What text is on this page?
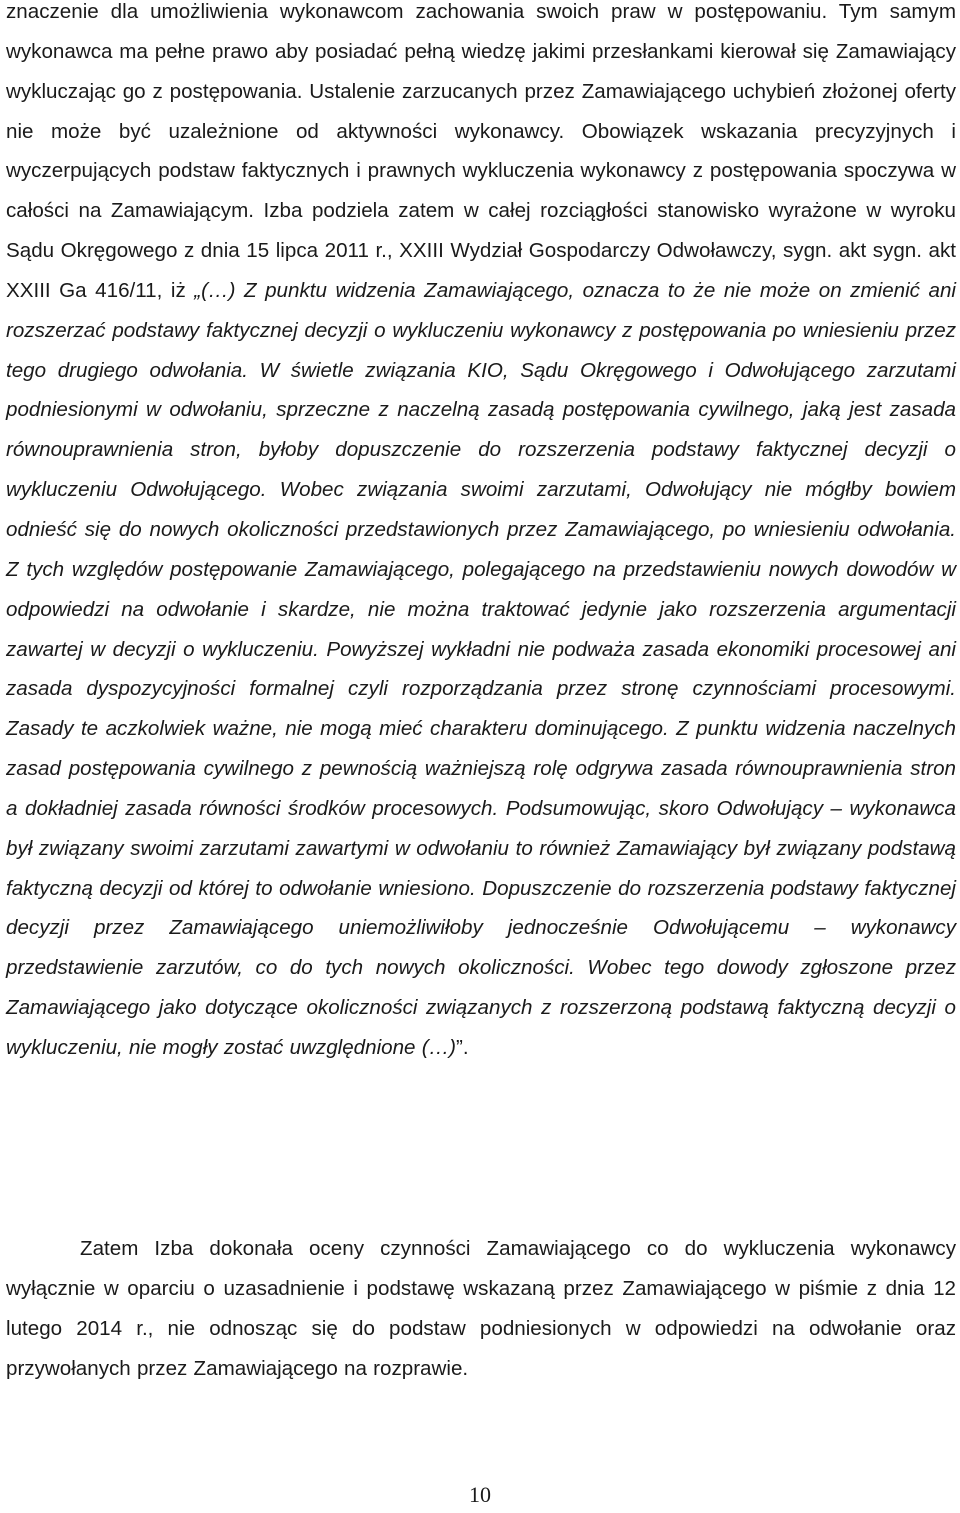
znaczenie dla umożliwienia wykonawcom zachowania swoich praw w postępowaniu. Tym samym wykonawca ma pełne prawo aby posiadać pełną wiedzę jakimi przesłankami kierował się Zamawiający wykluczając go z postępowania. Ustalenie zarzucanych przez Zamawiającego uchybień złożonej oferty nie może być uzależnione od aktywności wykonawcy. Obowiązek wskazania precyzyjnych i wyczerpujących podstaw faktycznych i prawnych wykluczenia wykonawcy z postępowania spoczywa w całości na Zamawiającym. Izba podziela zatem w całej rozciągłości stanowisko wyrażone w wyroku Sądu Okręgowego z dnia 15 lipca 2011 r., XXIII Wydział Gospodarczy Odwoławczy, sygn. akt sygn. akt XXIII Ga 416/11, iż „(…) Z punktu widzenia Zamawiającego, oznacza to że nie może on zmienić ani rozszerzać podstawy faktycznej decyzji o wykluczeniu wykonawcy z postępowania po wniesieniu przez tego drugiego odwołania. W świetle związania KIO, Sądu Okręgowego i Odwołującego zarzutami podniesionymi w odwołaniu, sprzeczne z naczelną zasadą postępowania cywilnego, jaką jest zasada równouprawnienia stron, byłoby dopuszczenie do rozszerzenia podstawy faktycznej decyzji o wykluczeniu Odwołującego. Wobec związania swoimi zarzutami, Odwołujący nie mógłby bowiem odnieść się do nowych okoliczności przedstawionych przez Zamawiającego, po wniesieniu odwołania. Z tych względów postępowanie Zamawiającego, polegającego na przedstawieniu nowych dowodów w odpowiedzi na odwołanie i skardze, nie można traktować jedynie jako rozszerzenia argumentacji zawartej w decyzji o wykluczeniu. Powyższej wykładni nie podważa zasada ekonomiki procesowej ani zasada dyspozycyjności formalnej czyli rozporządzania przez stronę czynnościami procesowymi. Zasady te aczkolwiek ważne, nie mogą mieć charakteru dominującego. Z punktu widzenia naczelnych zasad postępowania cywilnego z pewnością ważniejszą rolę odgrywa zasada równouprawnienia stron a dokładniej zasada równości środków procesowych. Podsumowując, skoro Odwołujący – wykonawca był związany swoimi zarzutami zawartymi w odwołaniu to również Zamawiający był związany podstawą faktyczną decyzji od której to odwołanie wniesiono. Dopuszczenie do rozszerzenia podstawy faktycznej decyzji przez Zamawiającego uniemożliwiłoby jednocześnie Odwołującemu – wykonawcy przedstawienie zarzutów, co do tych nowych okoliczności. Wobec tego dowody zgłoszone przez Zamawiającego jako dotyczące okoliczności związanych z rozszerzoną podstawą faktyczną decyzji o wykluczeniu, nie mogły zostać uwzględnione (…)”.

Zatem Izba dokonała oceny czynności Zamawiającego co do wykluczenia wykonawcy wyłącznie w oparciu o uzasadnienie i podstawę wskazaną przez Zamawiającego w piśmie z dnia 12 lutego 2014 r., nie odnosząc się do podstaw podniesionych w odpowiedzi na odwołanie oraz przywołanych przez Zamawiającego na rozprawie.

10
